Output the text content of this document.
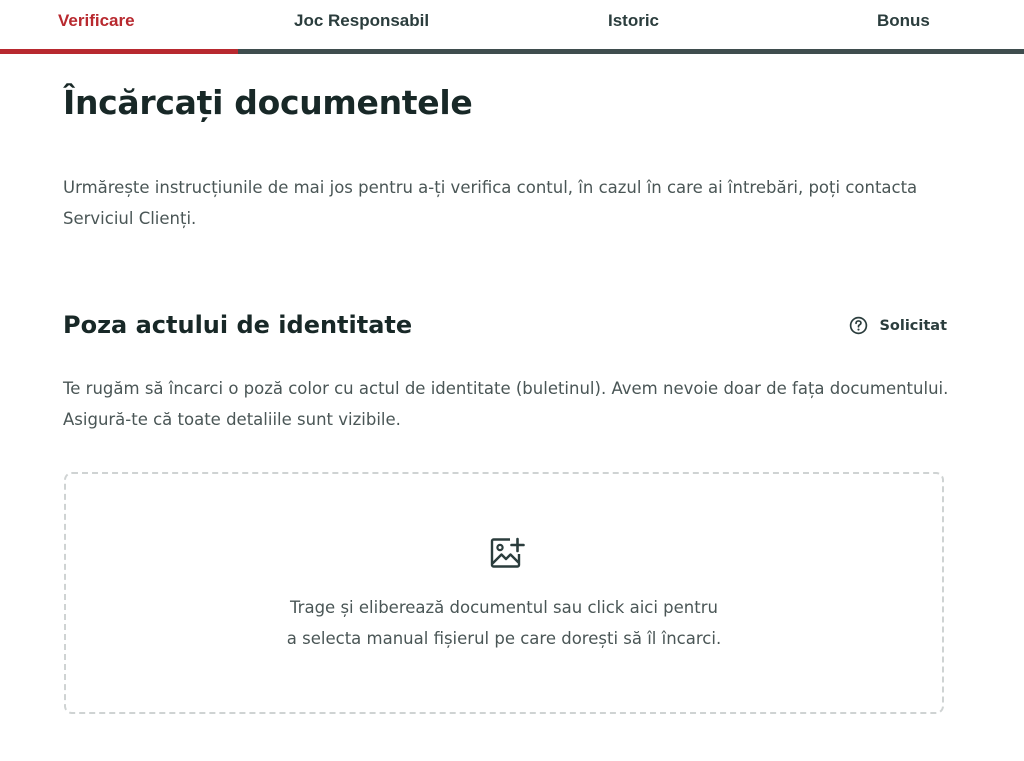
Verificare	Joc Responsabil	Istoric	Bonus
Încărcați documentele

Urmărește instrucțiunile de mai jos pentru a-ți verifica contul, în cazul în care ai întrebări, poți contacta Serviciul Clienți.

Poza actului de identitate	Solicitat

Te rugăm să încarci o poză color cu actul de identitate (buletinul). Avem nevoie doar de fața documentului. Asigură-te că toate detaliile sunt vizibile.

Trage și eliberează documentul sau click aici pentru
a selecta manual fișierul pe care dorești să îl încarci.
